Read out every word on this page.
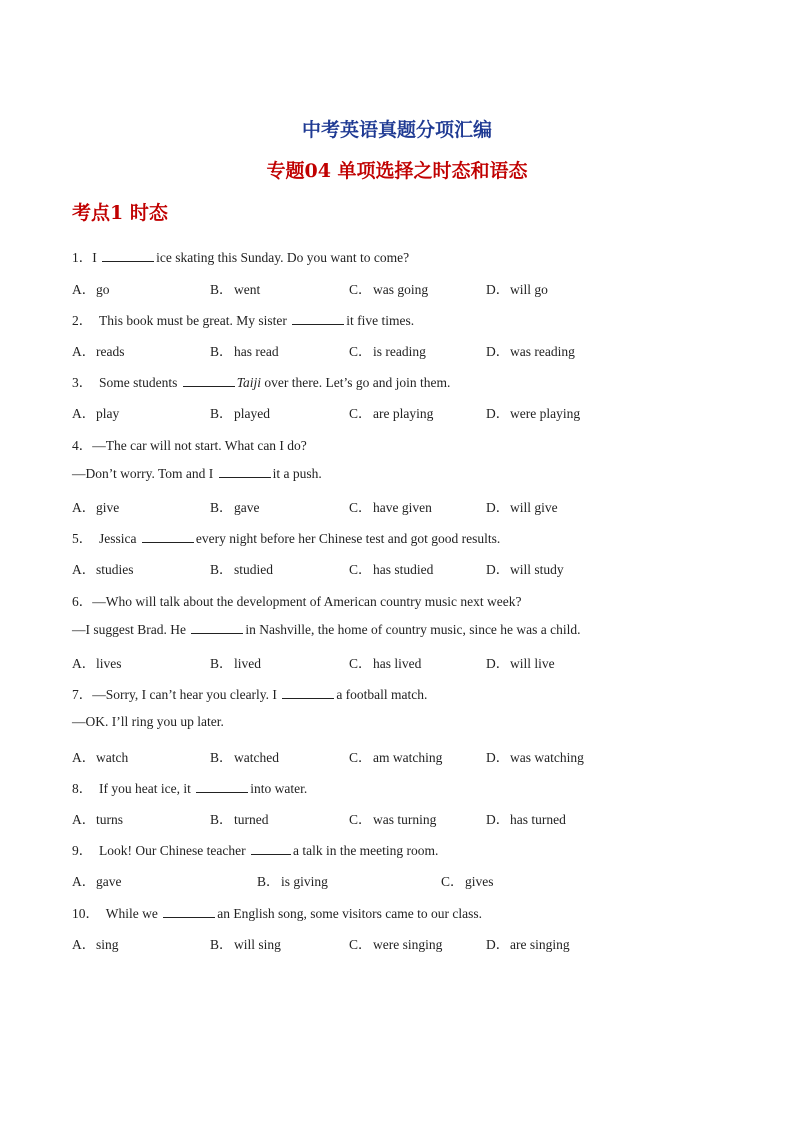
中考英语真题分项汇编
专题04 单项选择之时态和语态
考点1 时态
1．I	ice skating this Sunday. Do you want to come?
A．go	B．went	C．was going	D．will go
2． This book must be great. My sister	it five times.
A．reads	B．has read	C．is reading	D．was reading
3． Some students	Taiji over there. Let’s go and join them.
A．play	B．played	C．are playing	D．were playing
4．—The car will not start. What can I do?
—Don’t worry. Tom and I	it a push.
A．give	B．gave	C．have given	D．will give
5． Jessica	every night before her Chinese test and got good results.
A．studies	B．studied	C．has studied	D．will study
6．—Who will talk about the development of American country music next week?
—I suggest Brad. He	in Nashville, the home of country music, since he was a child.
A．lives	B．lived	C．has lived	D．will live
7．—Sorry, I can’t hear you clearly. I	a football match.
—OK. I’ll ring you up later.
A．watch	B．watched	C．am watching	D．was watching
8． If you heat ice, it	into water.
A．turns	B．turned	C．was turning	D．has turned
9． Look! Our Chinese teacher	a talk in the meeting room.
A．gave	B．is giving	C．gives
10． While we	an English song, some visitors came to our class.
A．sing	B．will sing	C．were singing	D．are singing
